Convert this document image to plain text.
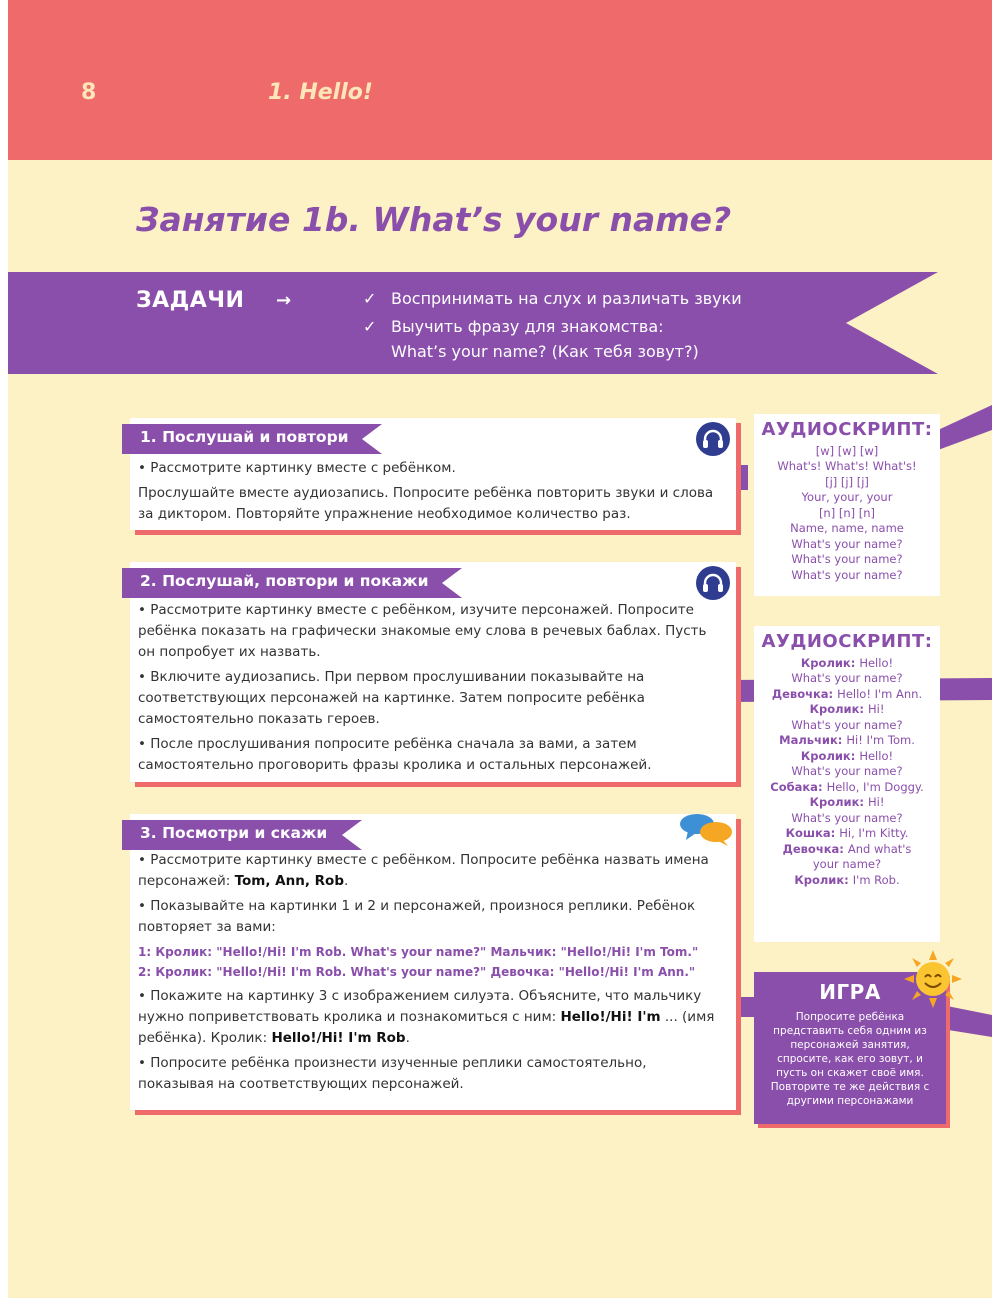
8	1. Hello!
Занятие 1b. What’s your name?
ЗАДАЧИ →	✓ Воспринимать на слух и различать звуки
✓ Выучить фразу для знакомства:
What’s your name? (Как тебя зовут?)
1. Послушай и повтори

• Рассмотрите картинку вместе с ребёнком.

Прослушайте вместе аудиозапись. Попросите ребёнка повторить звуки и слова за диктором. Повторяйте упражнение необходимое количество раз.

2. Послушай, повтори и покажи

• Рассмотрите картинку вместе с ребёнком, изучите персонажей. Попросите ребёнка показать на графически знакомые ему слова в речевых баблах. Пусть он попробует их назвать.

• Включите аудиозапись. При первом прослушивании показывайте на соответствующих персонажей на картинке. Затем попросите ребёнка самостоятельно показать героев.

• После прослушивания попросите ребёнка сначала за вами, а затем самостоятельно проговорить фразы кролика и остальных персонажей.

3. Посмотри и скажи

• Рассмотрите картинку вместе с ребёнком. Попросите ребёнка назвать имена персонажей: Tom, Ann, Rob.

• Показывайте на картинки 1 и 2 и персонажей, произнося реплики. Ребёнок повторяет за вами:

1: Кролик: "Hello!/Hi! I'm Rob. What's your name?" Мальчик: "Hello!/Hi! I'm Tom."

2: Кролик: "Hello!/Hi! I'm Rob. What's your name?" Девочка: "Hello!/Hi! I'm Ann."

• Покажите на картинку 3 с изображением силуэта. Объясните, что мальчику нужно поприветствовать кролика и познакомиться с ним: Hello!/Hi! I'm ... (имя ребёнка). Кролик: Hello!/Hi! I'm Rob.

• Попросите ребёнка произнести изученные реплики самостоятельно, показывая на соответствующих персонажей.

АУДИОСКРИПТ:
[w] [w] [w]
What's! What's! What's!
[j] [j] [j]
Your, your, your
[n] [n] [n]
Name, name, name
What's your name?
What's your name?
What's your name?
АУДИОСКРИПТ:
Кролик: Hello!
What's your name?
Девочка: Hello! I'm Ann.
Кролик: Hi!
What's your name?
Мальчик: Hi! I'm Tom.
Кролик: Hello!
What's your name?
Собака: Hello, I'm Doggy.
Кролик: Hi!
What's your name?
Кошка: Hi, I'm Kitty.
Девочка: And what's
your name?
Кролик: I'm Rob.
ИГРА
Попросите ребёнка представить себя одним из персонажей занятия, спросите, как его зовут, и пусть он скажет своё имя. Повторите те же действия с другими персонажами
